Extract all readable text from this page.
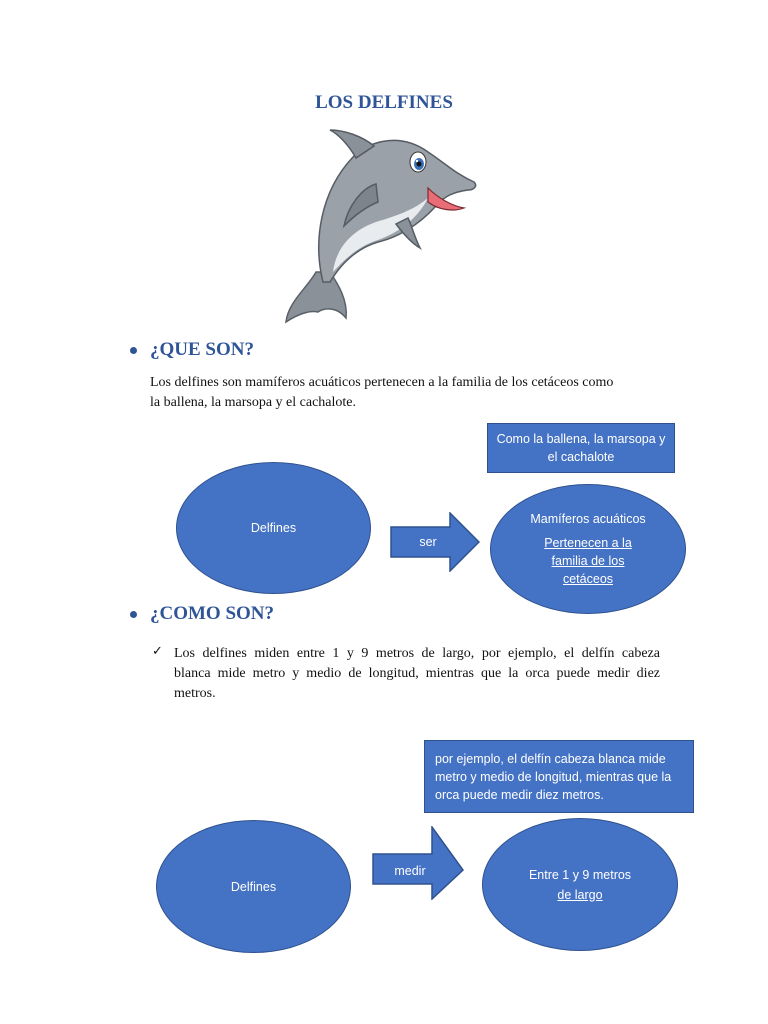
LOS DELFINES
¿QUE SON?
Los delfines son mamíferos acuáticos pertenecen a la familia de los cetáceos como
la ballena, la marsopa y el cachalote.
Como la ballena, la marsopa y
el cachalote
Delfines
ser
Mamíferos acuáticos
Pertenecen a la
familia de los
cetáceos
¿COMO SON?
✓ Los delfines miden entre 1 y 9 metros de largo, por ejemplo, el delfín cabeza
blanca mide metro y medio de longitud, mientras que la orca puede medir diez
metros.
por ejemplo, el delfín cabeza blanca mide
metro y medio de longitud, mientras que la
orca puede medir diez metros.
Delfines
medir	Entre 1 y 9 metros
de largo
